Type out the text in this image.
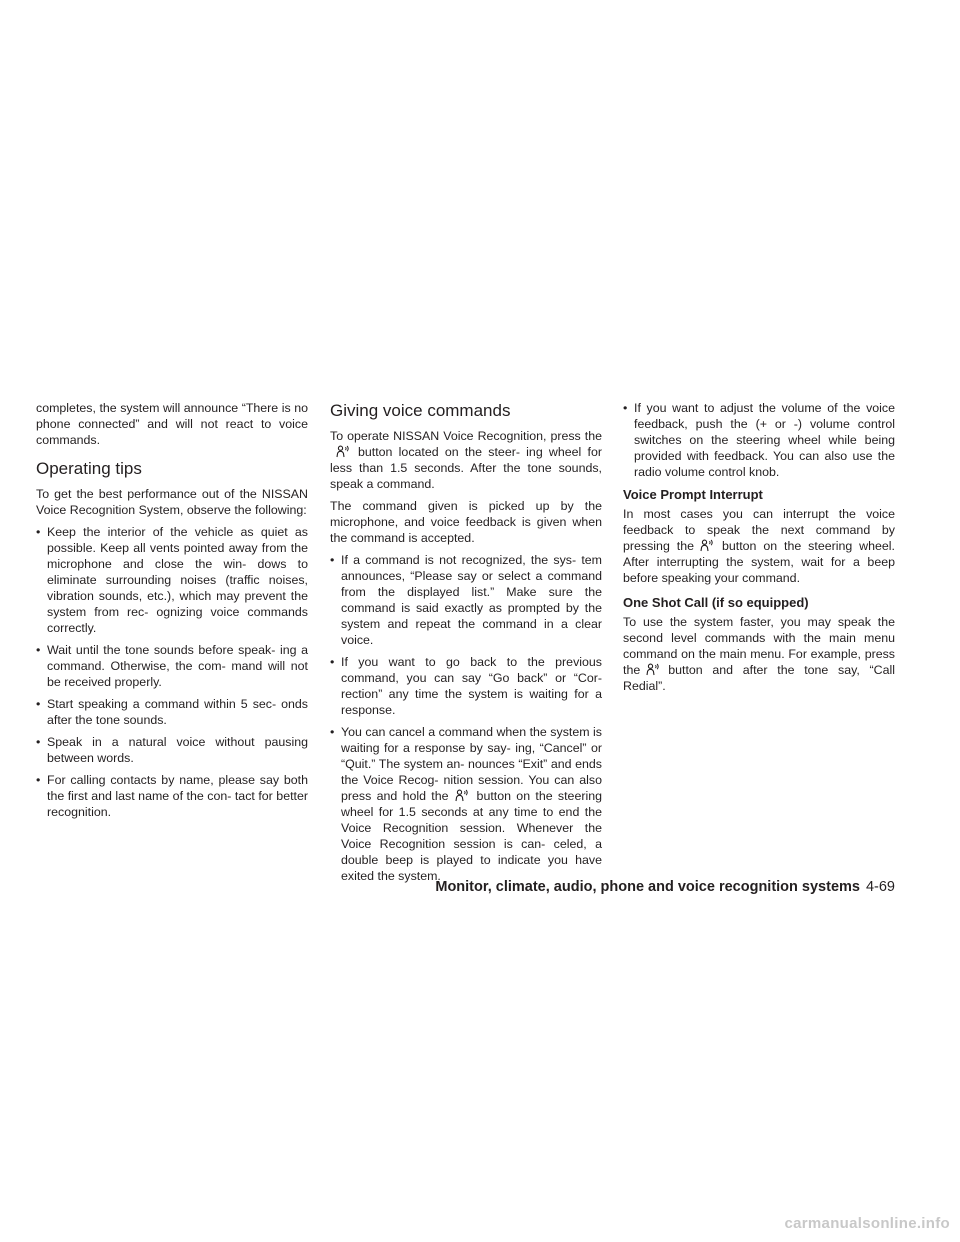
completes, the system will announce “There is no phone connected” and will not react to voice commands.

Operating tips

To get the best performance out of the NISSAN Voice Recognition System, observe the following:

• Keep the interior of the vehicle as quiet as possible. Keep all vents pointed away from the microphone and close the win- dows to eliminate surrounding noises (traffic noises, vibration sounds, etc.), which may prevent the system from rec- ognizing voice commands correctly.
• Wait until the tone sounds before speak- ing a command. Otherwise, the com- mand will not be received properly.
• Start speaking a command within 5 sec- onds after the tone sounds.
• Speak in a natural voice without pausing between words.
• For calling contacts by name, please say both the first and last name of the con- tact for better recognition.
Giving voice commands

To operate NISSAN Voice Recognition, press the
button located on the steer- ing wheel for less than 1.5 seconds. After the tone sounds, speak a command.

The command given is picked up by the microphone, and voice feedback is given when the command is accepted.

• If a command is not recognized, the sys- tem announces, “Please say or select a command from the displayed list.” Make sure the command is said exactly as prompted by the system and repeat the command in a clear voice.
• If you want to go back to the previous command, you can say “Go back” or “Cor- rection” any time the system is waiting for a response.
• You can cancel a command when the system is waiting for a response by say- ing, “Cancel” or “Quit.” The system an- nounces “Exit” and ends the Voice Recog- nition session. You can also press and hold the button on the steering wheel for 1.5 seconds at any time to end the Voice Recognition session. Whenever the Voice Recognition session is can- celed, a double beep is played to indicate you have exited the system.
• If you want to adjust the volume of the voice feedback, push the (+ or -) volume control switches on the steering wheel while being provided with feedback. You can also use the radio volume control knob.
Voice Prompt Interrupt

In most cases you can interrupt the voice feedback to speak the next command by pressing the button on the steering wheel. After interrupting the system, wait for a beep before speaking your command.

One Shot Call (if so equipped)

To use the system faster, you may speak the second level commands with the main menu command on the main menu. For example, press the button and after the tone say, “Call Redial”.

Monitor, climate, audio, phone and voice recognition systems 4-69
carmanualsonline.info
